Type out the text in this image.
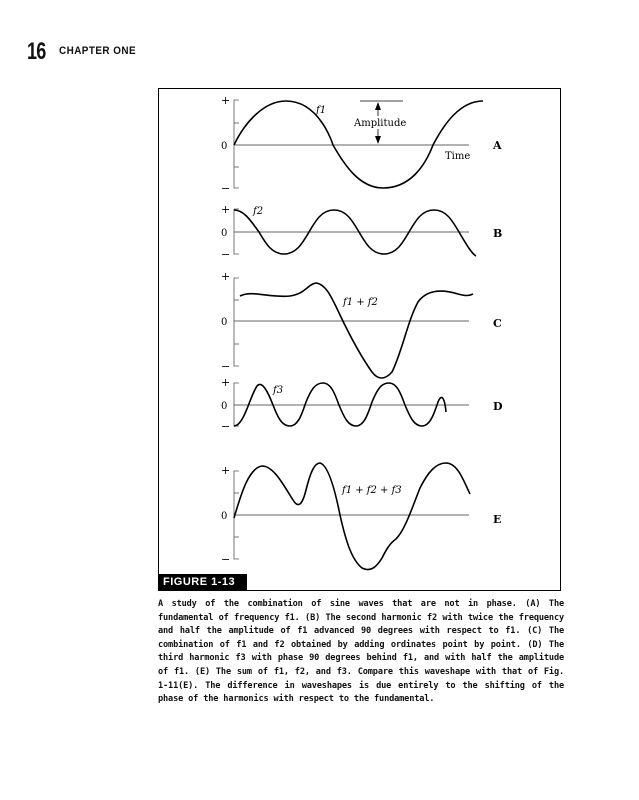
16 CHAPTER ONE
+
0
−
f1
Amplitude
Time
A
+
0
−
f2
B
+
0
−
f1 + f2
C
+
0
−
f3
D
+
0
−
f1 + f2 + f3
E
FIGURE 1-13
A study of the combination of sine waves that are not in phase. (A) The fundamental of frequency f1. (B) The second harmonic f2 with twice the frequency and half the amplitude of f1 advanced 90 degrees with respect to f1. (C) The combination of f1 and f2 obtained by adding ordinates point by point. (D) The third harmonic f3 with phase 90 degrees behind f1, and with half the amplitude of f1. (E) The sum of f1, f2, and f3. Compare this waveshape with that of Fig. 1-11(E). The difference in waveshapes is due entirely to the shifting of the phase of the harmonics with respect to the fundamental.
